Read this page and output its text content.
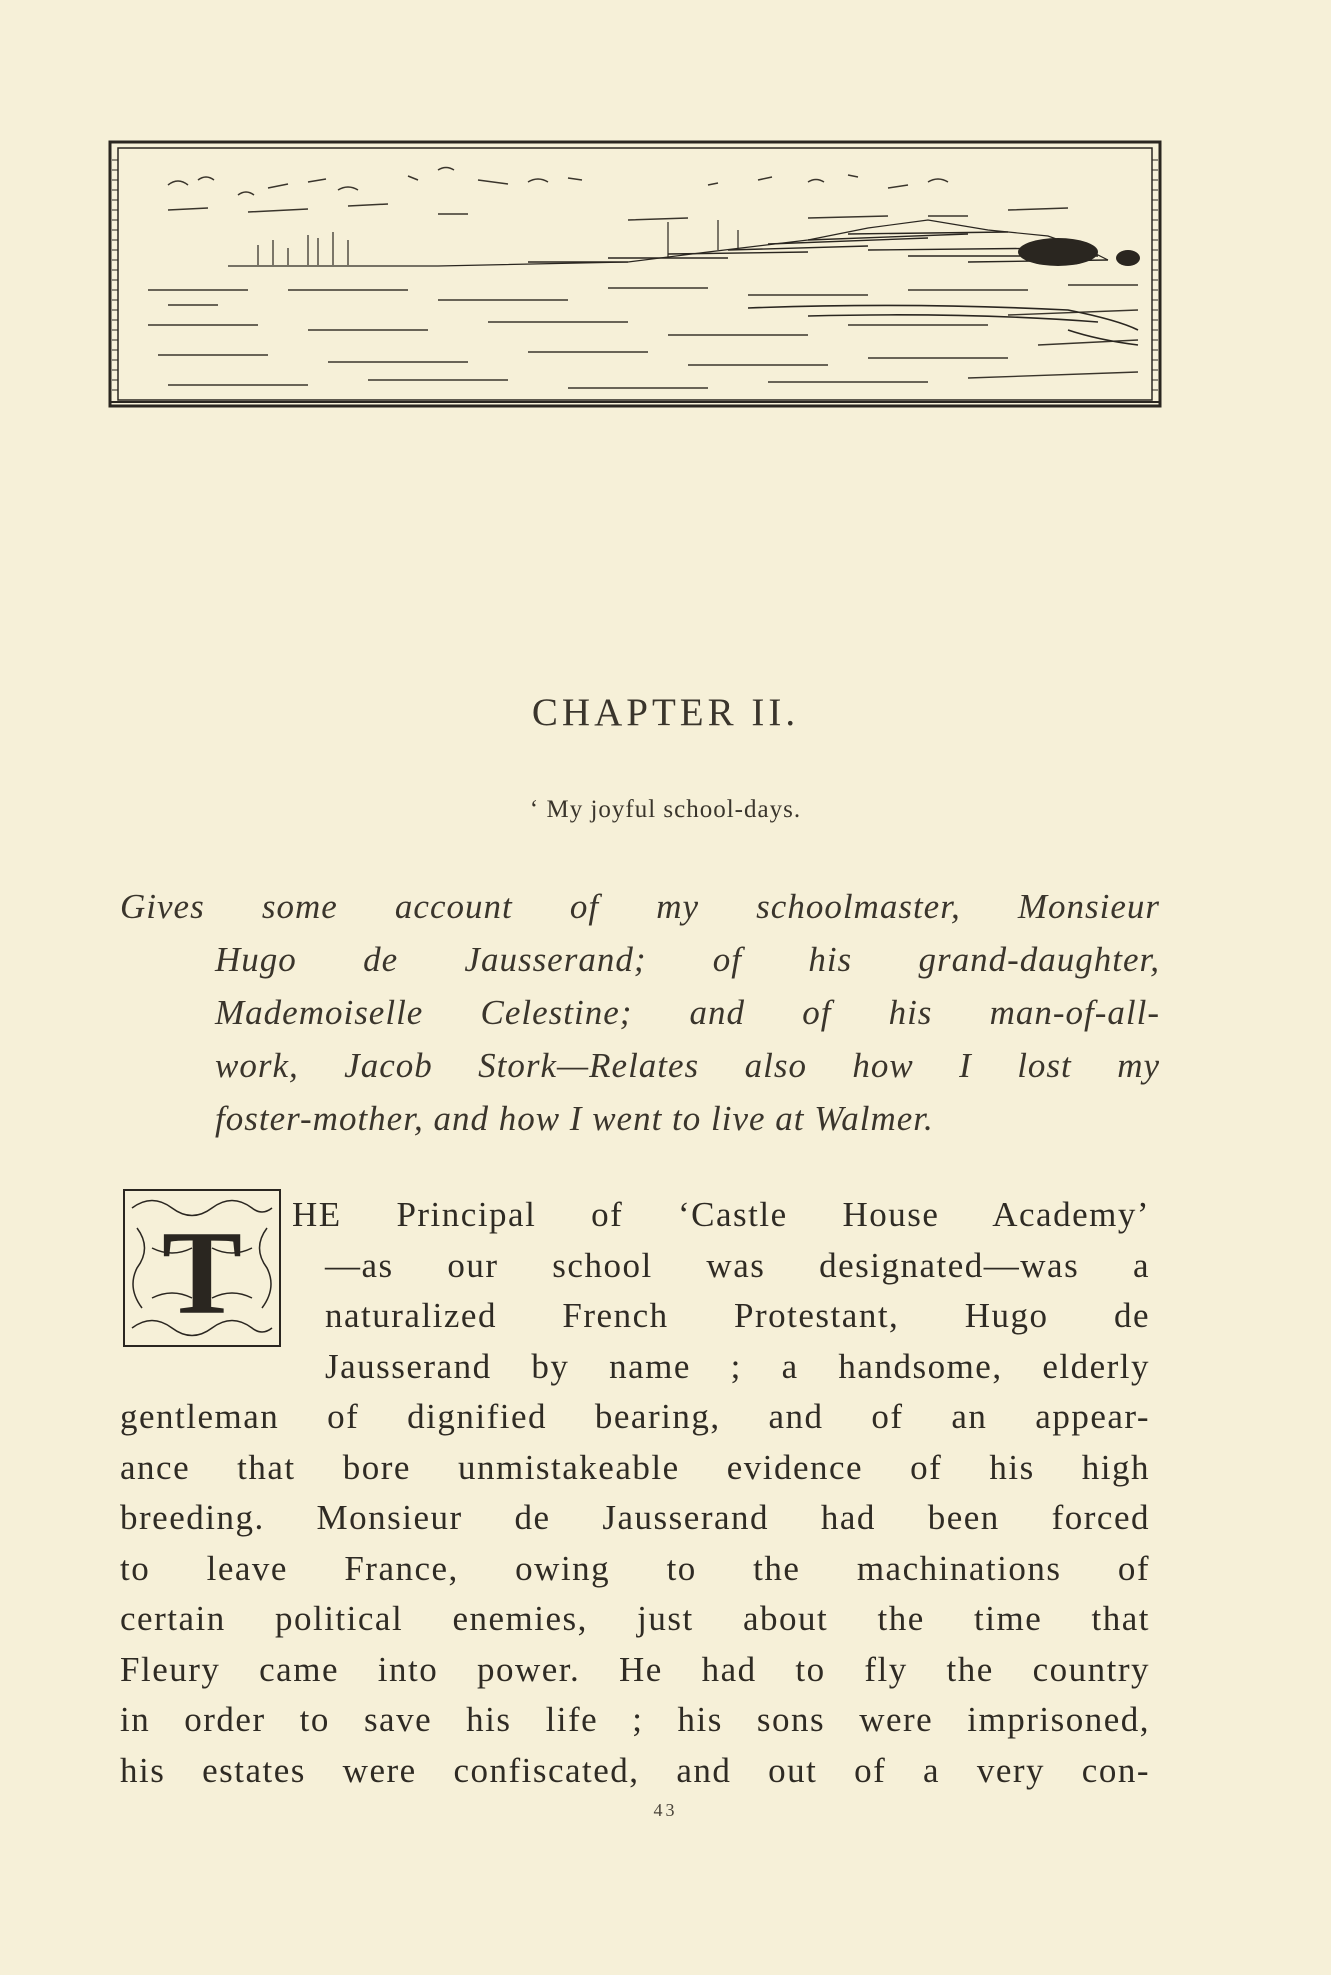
CHAPTER II.
‘ My joyful school-days.
Gives some account of my schoolmaster, Monsieur
Hugo de Jausserand; of his grand-daughter,
Mademoiselle Celestine; and of his man-of-all-
work, Jacob Stork—Relates also how I lost my
foster-mother, and how I went to live at Walmer.
T	HE Principal of ‘Castle House Academy’
—as our school was designated—was a
naturalized French Protestant, Hugo de
Jausserand by name ; a handsome, elderly
gentleman of dignified bearing, and of an appear-
ance that bore unmistakeable evidence of his high
breeding. Monsieur de Jausserand had been forced
to leave France, owing to the machinations of
certain political enemies, just about the time that
Fleury came into power. He had to fly the country
in order to save his life ; his sons were imprisoned,
his estates were confiscated, and out of a very con-
43
